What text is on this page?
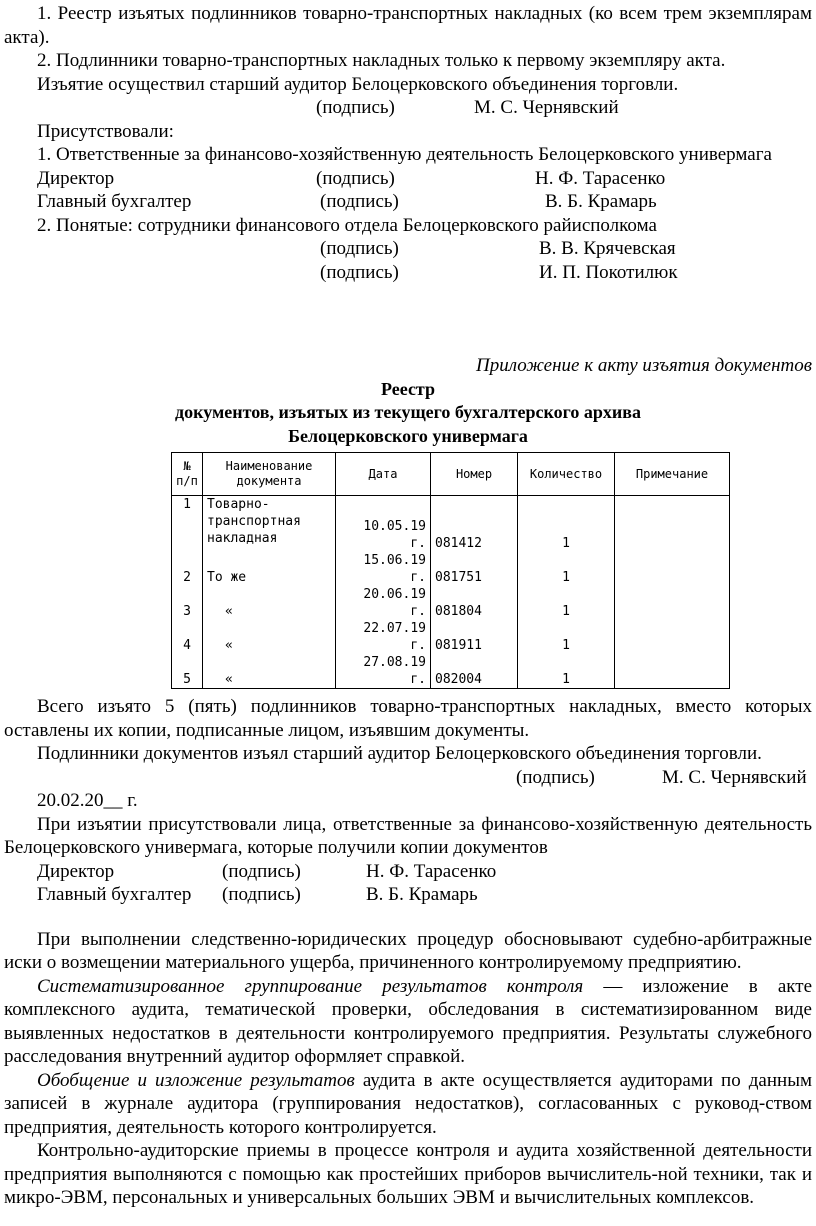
1. Реестр изъятых подлинников товарно-транспортных накладных (ко всем трем экземплярам акта).

2. Подлинники товарно-транспортных накладных только к первому экземпляру акта.

Изъятие осуществил старший аудитор Белоцерковского объединения торговли.

(подпись)	М. С. Чернявский

Присутствовали:

1. Ответственные за финансово-хозяйственную деятельность Белоцерковского универмага

Директор	(подпись)	Н. Ф. Тарасенко
Главный бухгалтер	(подпись)	В. Б. Крамарь

2. Понятые: сотрудники финансового отдела Белоцерковского райисполкома

(подпись)	В. В. Крячевская
(подпись)	И. П. Покотилюк

Приложение к акту изъятия документов

Реестр

документов, изъятых из текущего бухгалтерского архива

Белоцерковского универмага

№ п/п	Наименование документа	Дата	Номер	Количество	Примечание
1	Товарно-транспортная накладная	10.05.19 г.	081412	1	
2	То же	15.06.19 г.	081751	1	
3	«	20.06.19 г.	081804	1	
4	«	22.07.19 г.	081911	1	
5	«	27.08.19 г.	082004	1	

Всего изъято 5 (пять) подлинников товарно-транспортных накладных, вместо которых оставлены их копии, подписанные лицом, изъявшим документы.

Подлинники документов изъял старший аудитор Белоцерковского объединения торговли.

(подпись)	М. С. Чернявский

20.02.20__ г.

При изъятии присутствовали лица, ответственные за финансово-хозяйственную деятельность Белоцерковского универмага, которые получили копии документов

Директор	(подпись)	Н. Ф. Тарасенко
Главный бухгалтер (подпись)	В. Б. Крамарь

При выполнении следственно-юридических процедур обосновывают судебно-арбитражные иски о возмещении материального ущерба, причиненного контролируемому предприятию.

Систематизированное группирование результатов контроля — изложение в акте комплексного аудита, тематической проверки, обследования в систематизированном виде выявленных недостатков в деятельности контролируемого предприятия. Результаты служебного расследования внутренний аудитор оформляет справкой.

Обобщение и изложение результатов аудита в акте осуществляется аудиторами по данным записей в журнале аудитора (группирования недостатков), согласованных с руковод-ством предприятия, деятельность которого контролируется.

Контрольно-аудиторские приемы в процессе контроля и аудита хозяйственной деятельности предприятия выполняются с помощью как простейших приборов вычислитель-ной техники, так и микро-ЭВМ, персональных и универсальных больших ЭВМ и вычислительных комплексов.
